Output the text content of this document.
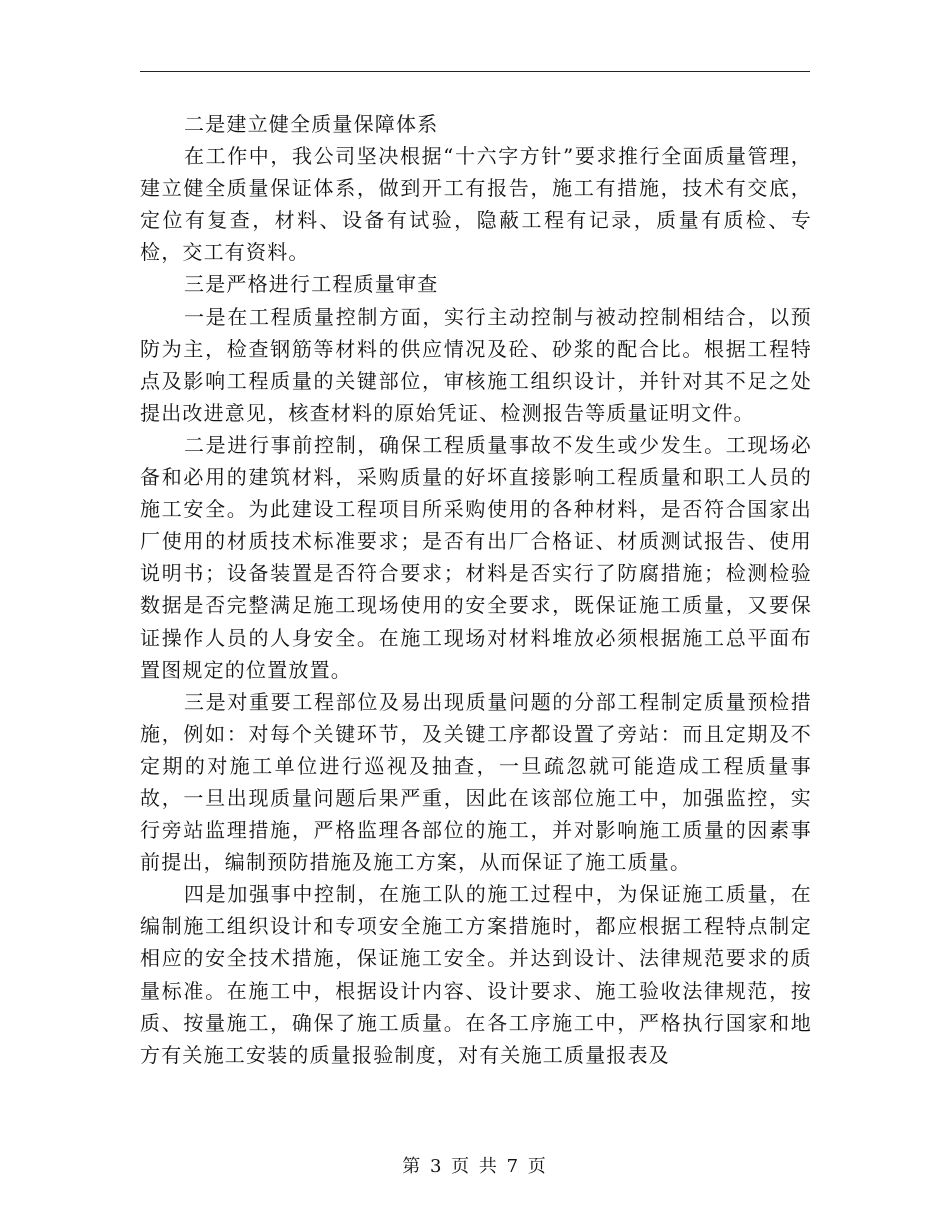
二是建立健全质量保障体系

在工作中，我公司坚决根据“十六字方针”要求推行全面质量管理，建立健全质量保证体系，做到开工有报告，施工有措施，技术有交底，定位有复查，材料、设备有试验，隐蔽工程有记录，质量有质检、专检，交工有资料。

三是严格进行工程质量审查

一是在工程质量控制方面，实行主动控制与被动控制相结合，以预防为主，检查钢筋等材料的供应情况及砼、砂浆的配合比。根据工程特点及影响工程质量的关键部位，审核施工组织设计，并针对其不足之处提出改进意见，核查材料的原始凭证、检测报告等质量证明文件。

二是进行事前控制，确保工程质量事故不发生或少发生。工现场必备和必用的建筑材料，采购质量的好坏直接影响工程质量和职工人员的施工安全。为此建设工程项目所采购使用的各种材料，是否符合国家出厂使用的材质技术标准要求；是否有出厂合格证、材质测试报告、使用说明书；设备装置是否符合要求；材料是否实行了防腐措施；检测检验数据是否完整满足施工现场使用的安全要求，既保证施工质量，又要保证操作人员的人身安全。在施工现场对材料堆放必须根据施工总平面布置图规定的位置放置。

三是对重要工程部位及易出现质量问题的分部工程制定质量预检措施，例如：对每个关键环节，及关键工序都设置了旁站：而且定期及不定期的对施工单位进行巡视及抽查，一旦疏忽就可能造成工程质量事故，一旦出现质量问题后果严重，因此在该部位施工中，加强监控，实行旁站监理措施，严格监理各部位的施工，并对影响施工质量的因素事前提出，编制预防措施及施工方案，从而保证了施工质量。

四是加强事中控制，在施工队的施工过程中，为保证施工质量，在编制施工组织设计和专项安全施工方案措施时，都应根据工程特点制定相应的安全技术措施，保证施工安全。并达到设计、法律规范要求的质量标准。在施工中，根据设计内容、设计要求、施工验收法律规范，按质、按量施工，确保了施工质量。在各工序施工中，严格执行国家和地方有关施工安装的质量报验制度，对有关施工质量报表及

第 3 页 共 7 页
